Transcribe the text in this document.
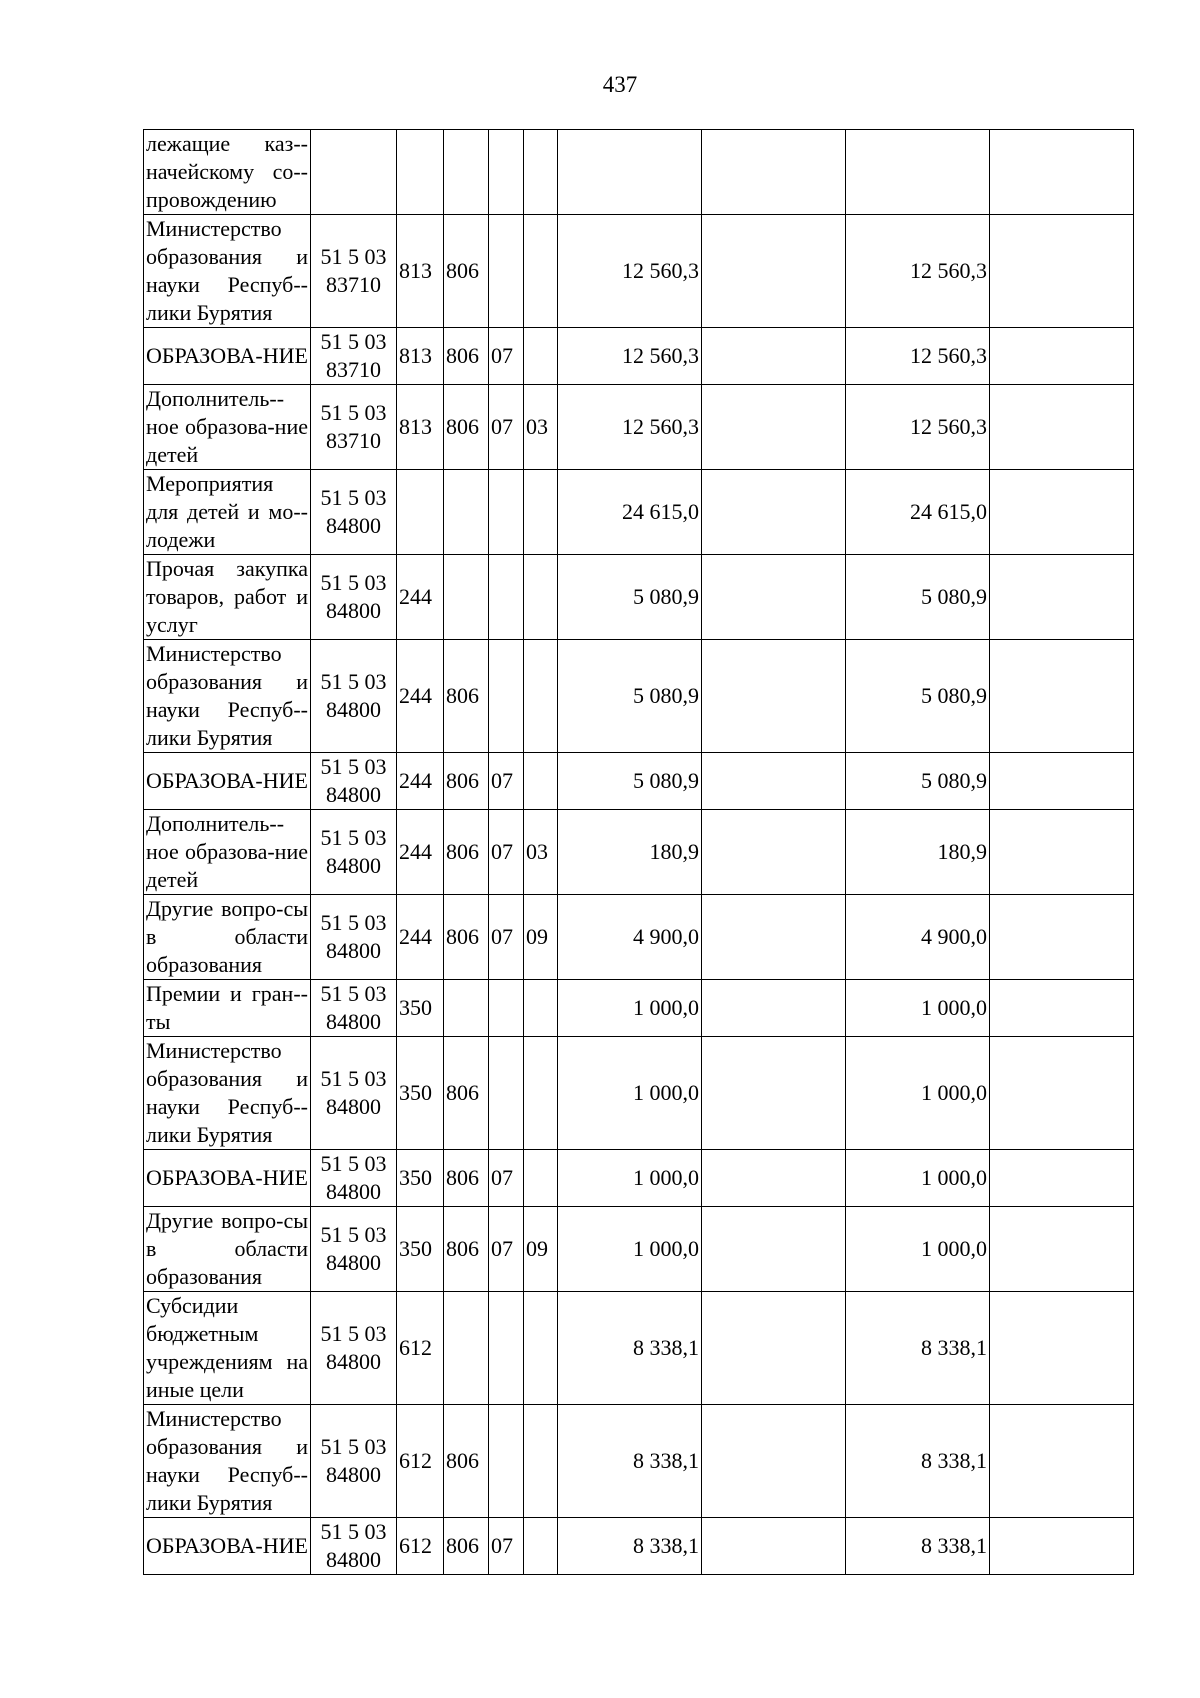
437
лежащие каз-начейскому со-провождению									
Министерство образования и науки Респуб-лики Бурятия	51 5 03 83710	813	806			12 560,3		12 560,3	
ОБРАЗОВА-НИЕ	51 5 03 83710	813	806	07		12 560,3		12 560,3	
Дополнитель-ное образова-ние детей	51 5 03 83710	813	806	07	03	12 560,3		12 560,3	
Мероприятия для детей и мо-лодежи	51 5 03 84800					24 615,0		24 615,0	
Прочая закупка товаров, работ и услуг	51 5 03 84800	244				5 080,9		5 080,9	
Министерство образования и науки Респуб-лики Бурятия	51 5 03 84800	244	806			5 080,9		5 080,9	
ОБРАЗОВА-НИЕ	51 5 03 84800	244	806	07		5 080,9		5 080,9	
Дополнитель-ное образова-ние детей	51 5 03 84800	244	806	07	03	180,9		180,9	
Другие вопро-сы в области образования	51 5 03 84800	244	806	07	09	4 900,0		4 900,0	
Премии и гран-ты	51 5 03 84800	350				1 000,0		1 000,0	
Министерство образования и науки Респуб-лики Бурятия	51 5 03 84800	350	806			1 000,0		1 000,0	
ОБРАЗОВА-НИЕ	51 5 03 84800	350	806	07		1 000,0		1 000,0	
Другие вопро-сы в области образования	51 5 03 84800	350	806	07	09	1 000,0		1 000,0	
Субсидии бюджетным учреждениям на иные цели	51 5 03 84800	612				8 338,1		8 338,1	
Министерство образования и науки Респуб-лики Бурятия	51 5 03 84800	612	806			8 338,1		8 338,1	
ОБРАЗОВА-НИЕ	51 5 03 84800	612	806	07		8 338,1		8 338,1	
